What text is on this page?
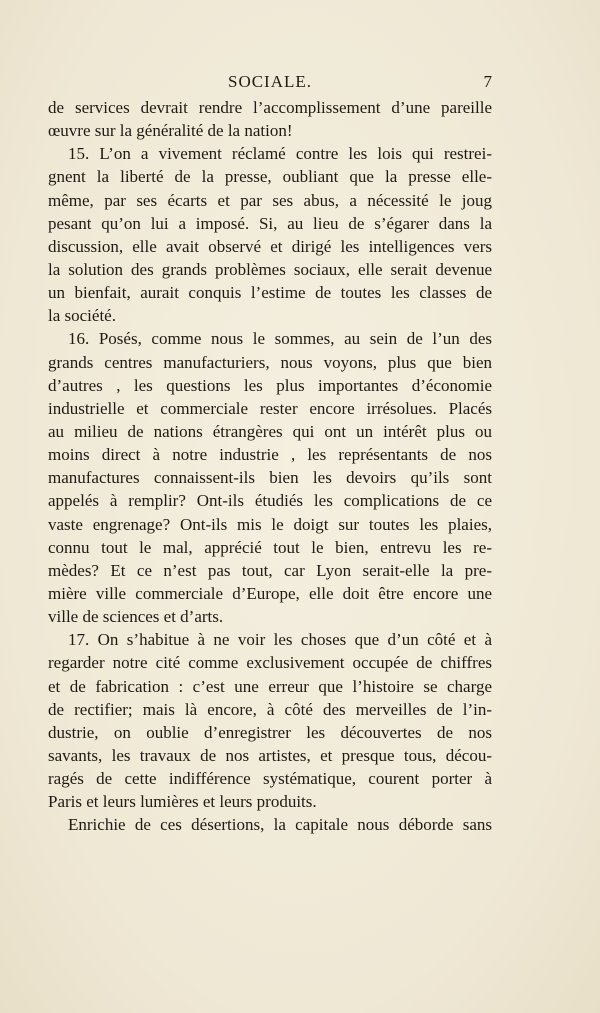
SOCIALE.	7
de services devrait rendre l’accomplissement d’une pareille
œuvre sur la généralité de la nation!
15. L’on a vivement réclamé contre les lois qui restrei-
gnent la liberté de la presse, oubliant que la presse elle-
même, par ses écarts et par ses abus, a nécessité le joug
pesant qu’on lui a imposé. Si, au lieu de s’égarer dans la
discussion, elle avait observé et dirigé les intelligences vers
la solution des grands problèmes sociaux, elle serait devenue
un bienfait, aurait conquis l’estime de toutes les classes de
la société.
16. Posés, comme nous le sommes, au sein de l’un des
grands centres manufacturiers, nous voyons, plus que bien
d’autres , les questions les plus importantes d’économie
industrielle et commerciale rester encore irrésolues. Placés
au milieu de nations étrangères qui ont un intérêt plus ou
moins direct à notre industrie , les représentants de nos
manufactures connaissent-ils bien les devoirs qu’ils sont
appelés à remplir? Ont-ils étudiés les complications de ce
vaste engrenage? Ont-ils mis le doigt sur toutes les plaies,
connu tout le mal, apprécié tout le bien, entrevu les re-
mèdes? Et ce n’est pas tout, car Lyon serait-elle la pre-
mière ville commerciale d’Europe, elle doit être encore une
ville de sciences et d’arts.
17. On s’habitue à ne voir les choses que d’un côté et à
regarder notre cité comme exclusivement occupée de chiffres
et de fabrication : c’est une erreur que l’histoire se charge
de rectifier; mais là encore, à côté des merveilles de l’in-
dustrie, on oublie d’enregistrer les découvertes de nos
savants, les travaux de nos artistes, et presque tous, décou-
ragés de cette indifférence systématique, courent porter à
Paris et leurs lumières et leurs produits.
Enrichie de ces désertions, la capitale nous déborde sans
